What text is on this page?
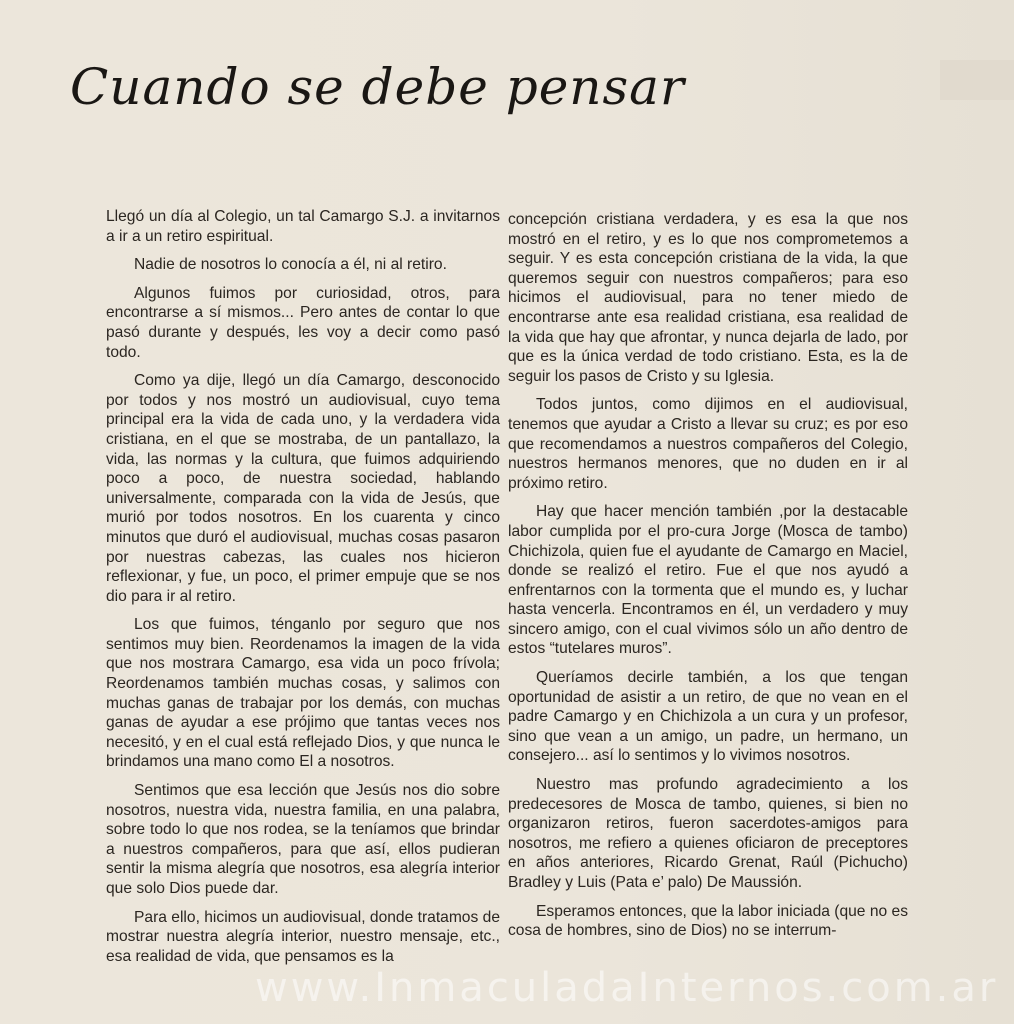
Cuando se debe pensar

Llegó un día al Colegio, un tal Camargo S.J. a invitarnos a ir a un retiro espiritual.

Nadie de nosotros lo conocía a él, ni al retiro.

Algunos fuimos por curiosidad, otros, para encontrarse a sí mismos... Pero antes de contar lo que pasó durante y después, les voy a decir como pasó todo.

Como ya dije, llegó un día Camargo, desconocido por todos y nos mostró un audiovisual, cuyo tema principal era la vida de cada uno, y la verdadera vida cristiana, en el que se mostraba, de un pantallazo, la vida, las normas y la cultura, que fuimos adquiriendo poco a poco, de nuestra sociedad, hablando universalmente, comparada con la vida de Jesús, que murió por todos nosotros. En los cuarenta y cinco minutos que duró el audiovisual, muchas cosas pasaron por nuestras cabezas, las cuales nos hicieron reflexionar, y fue, un poco, el primer empuje que se nos dio para ir al retiro.

Los que fuimos, ténganlo por seguro que nos sentimos muy bien. Reordenamos la imagen de la vida que nos mostrara Camargo, esa vida un poco frívola; Reordenamos también muchas cosas, y salimos con muchas ganas de trabajar por los demás, con muchas ganas de ayudar a ese prójimo que tantas veces nos necesitó, y en el cual está reflejado Dios, y que nunca le brindamos una mano como El a nosotros.

Sentimos que esa lección que Jesús nos dio sobre nosotros, nuestra vida, nuestra familia, en una palabra, sobre todo lo que nos rodea, se la teníamos que brindar a nuestros compañeros, para que así, ellos pudieran sentir la misma alegría que nosotros, esa alegría interior que solo Dios puede dar.

Para ello, hicimos un audiovisual, donde tratamos de mostrar nuestra alegría interior, nuestro mensaje, etc., esa realidad de vida, que pensamos es la

concepción cristiana verdadera, y es esa la que nos mostró en el retiro, y es lo que nos comprometemos a seguir. Y es esta concepción cristiana de la vida, la que queremos seguir con nuestros compañeros; para eso hicimos el audiovisual, para no tener miedo de encontrarse ante esa realidad cristiana, esa realidad de la vida que hay que afrontar, y nunca dejarla de lado, por que es la única verdad de todo cristiano. Esta, es la de seguir los pasos de Cristo y su Iglesia.

Todos juntos, como dijimos en el audiovisual, tenemos que ayudar a Cristo a llevar su cruz; es por eso que recomendamos a nuestros compañeros del Colegio, nuestros hermanos menores, que no duden en ir al próximo retiro.

Hay que hacer mención también ,por la destacable labor cumplida por el pro-cura Jorge (Mosca de tambo) Chichizola, quien fue el ayudante de Camargo en Maciel, donde se realizó el retiro. Fue el que nos ayudó a enfrentarnos con la tormenta que el mundo es, y luchar hasta vencerla. Encontramos en él, un verdadero y muy sincero amigo, con el cual vivimos sólo un año dentro de estos “tutelares muros”.

Queríamos decirle también, a los que tengan oportunidad de asistir a un retiro, de que no vean en el padre Camargo y en Chichizola a un cura y un profesor, sino que vean a un amigo, un padre, un hermano, un consejero... así lo sentimos y lo vivimos nosotros.

Nuestro mas profundo agradecimiento a los predecesores de Mosca de tambo, quienes, si bien no organizaron retiros, fueron sacerdotes-amigos para nosotros, me refiero a quienes oficiaron de preceptores en años anteriores, Ricardo Grenat, Raúl (Pichucho) Bradley y Luis (Pata e’ palo) De Maussión.

Esperamos entonces, que la labor iniciada (que no es cosa de hombres, sino de Dios) no se interrum-

www.InmaculadaInternos.com.ar
